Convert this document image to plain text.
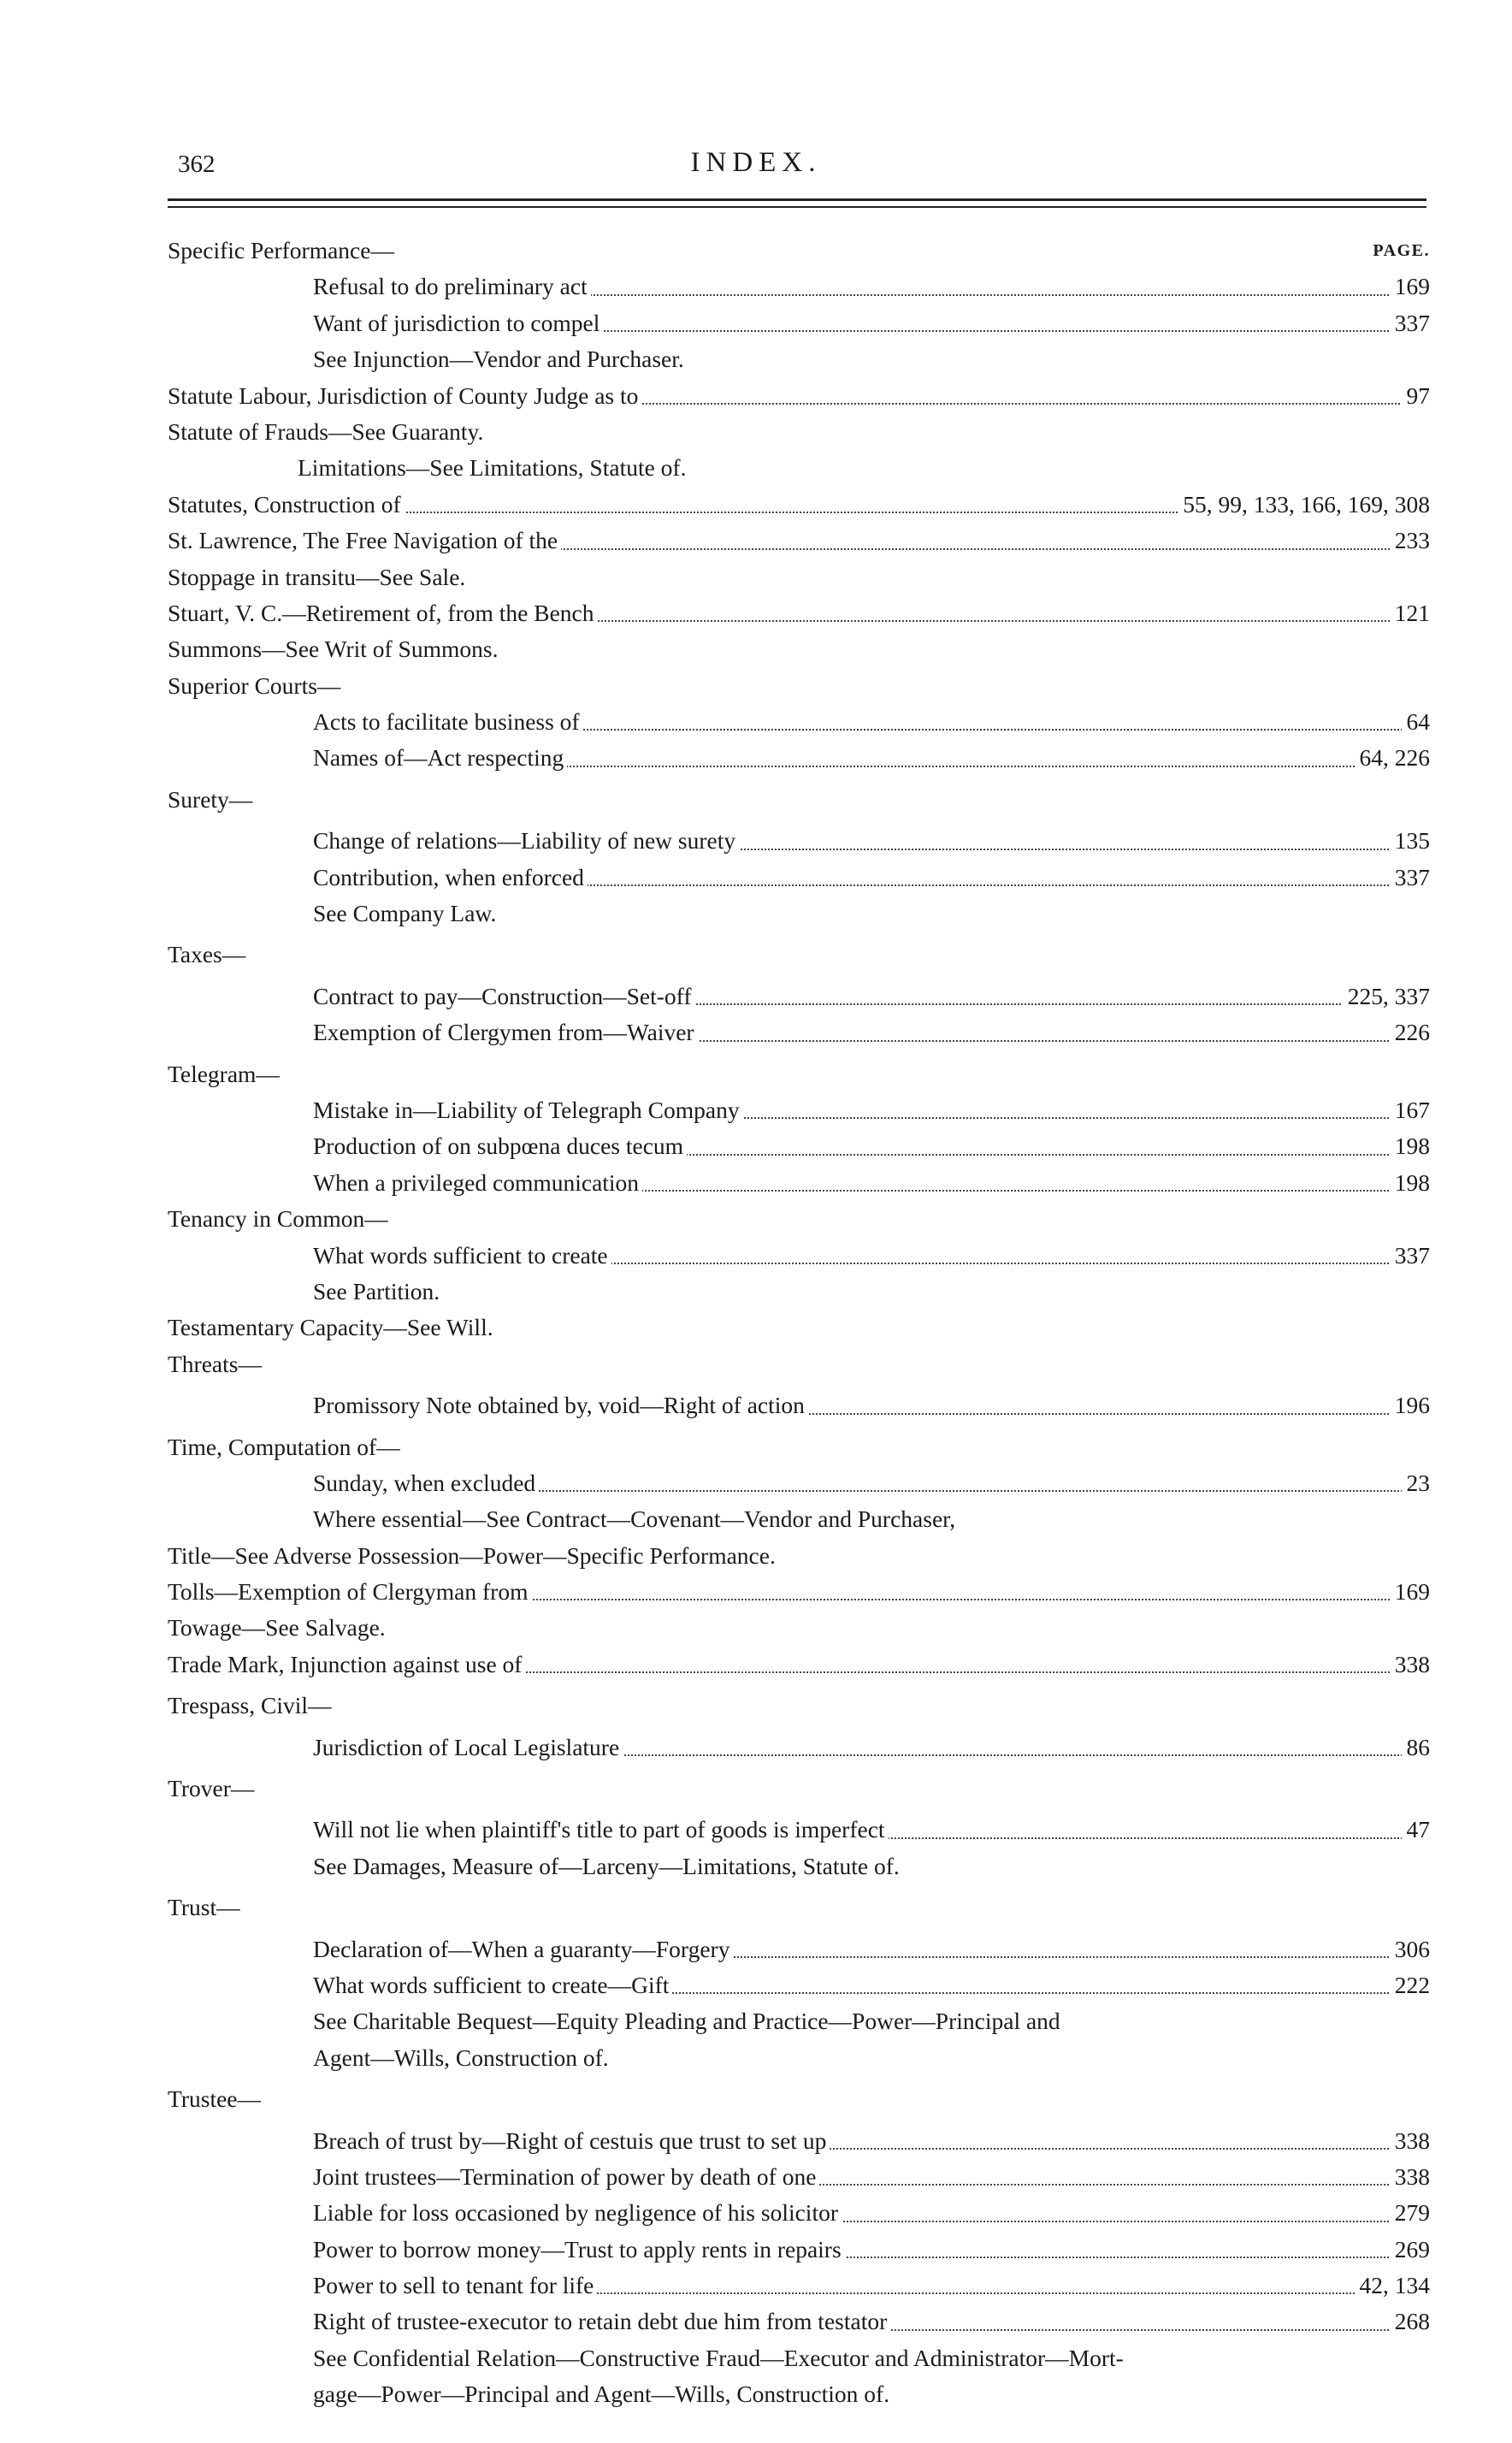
362	INDEX.
Specific Performance—	PAGE.
Refusal to do preliminary act	169
Want of jurisdiction to compel	337
See Injunction—Vendor and Purchaser.
Statute Labour, Jurisdiction of County Judge as to	97
Statute of Frauds—See Guaranty.
Limitations—See Limitations, Statute of.
Statutes, Construction of	55, 99, 133, 166, 169, 308
St. Lawrence, The Free Navigation of the	233
Stoppage in transitu—See Sale.
Stuart, V. C.—Retirement of, from the Bench	121
Summons—See Writ of Summons.
Superior Courts—
Acts to facilitate business of	64
Names of—Act respecting	64, 226
Surety—
Change of relations—Liability of new surety	135
Contribution, when enforced	337
See Company Law.
Taxes—
Contract to pay—Construction—Set-off	225, 337
Exemption of Clergymen from—Waiver	226
Telegram—
Mistake in—Liability of Telegraph Company	167
Production of on subpœna duces tecum	198
When a privileged communication	198
Tenancy in Common—
What words sufficient to create	337
See Partition.
Testamentary Capacity—See Will.
Threats—
Promissory Note obtained by, void—Right of action	196
Time, Computation of—
Sunday, when excluded	23
Where essential—See Contract—Covenant—Vendor and Purchaser,
Title—See Adverse Possession—Power—Specific Performance.
Tolls—Exemption of Clergyman from	169
Towage—See Salvage.
Trade Mark, Injunction against use of	338
Trespass, Civil—
Jurisdiction of Local Legislature	86
Trover—
Will not lie when plaintiff's title to part of goods is imperfect	47
See Damages, Measure of—Larceny—Limitations, Statute of.
Trust—
Declaration of—When a guaranty—Forgery	306
What words sufficient to create—Gift	222
See Charitable Bequest—Equity Pleading and Practice—Power—Principal and
Agent—Wills, Construction of.
Trustee—
Breach of trust by—Right of cestuis que trust to set up	338
Joint trustees—Termination of power by death of one	338
Liable for loss occasioned by negligence of his solicitor	279
Power to borrow money—Trust to apply rents in repairs	269
Power to sell to tenant for life	42, 134
Right of trustee-executor to retain debt due him from testator	268
See Confidential Relation—Constructive Fraud—Executor and Administrator—Mort-
gage—Power—Principal and Agent—Wills, Construction of.
